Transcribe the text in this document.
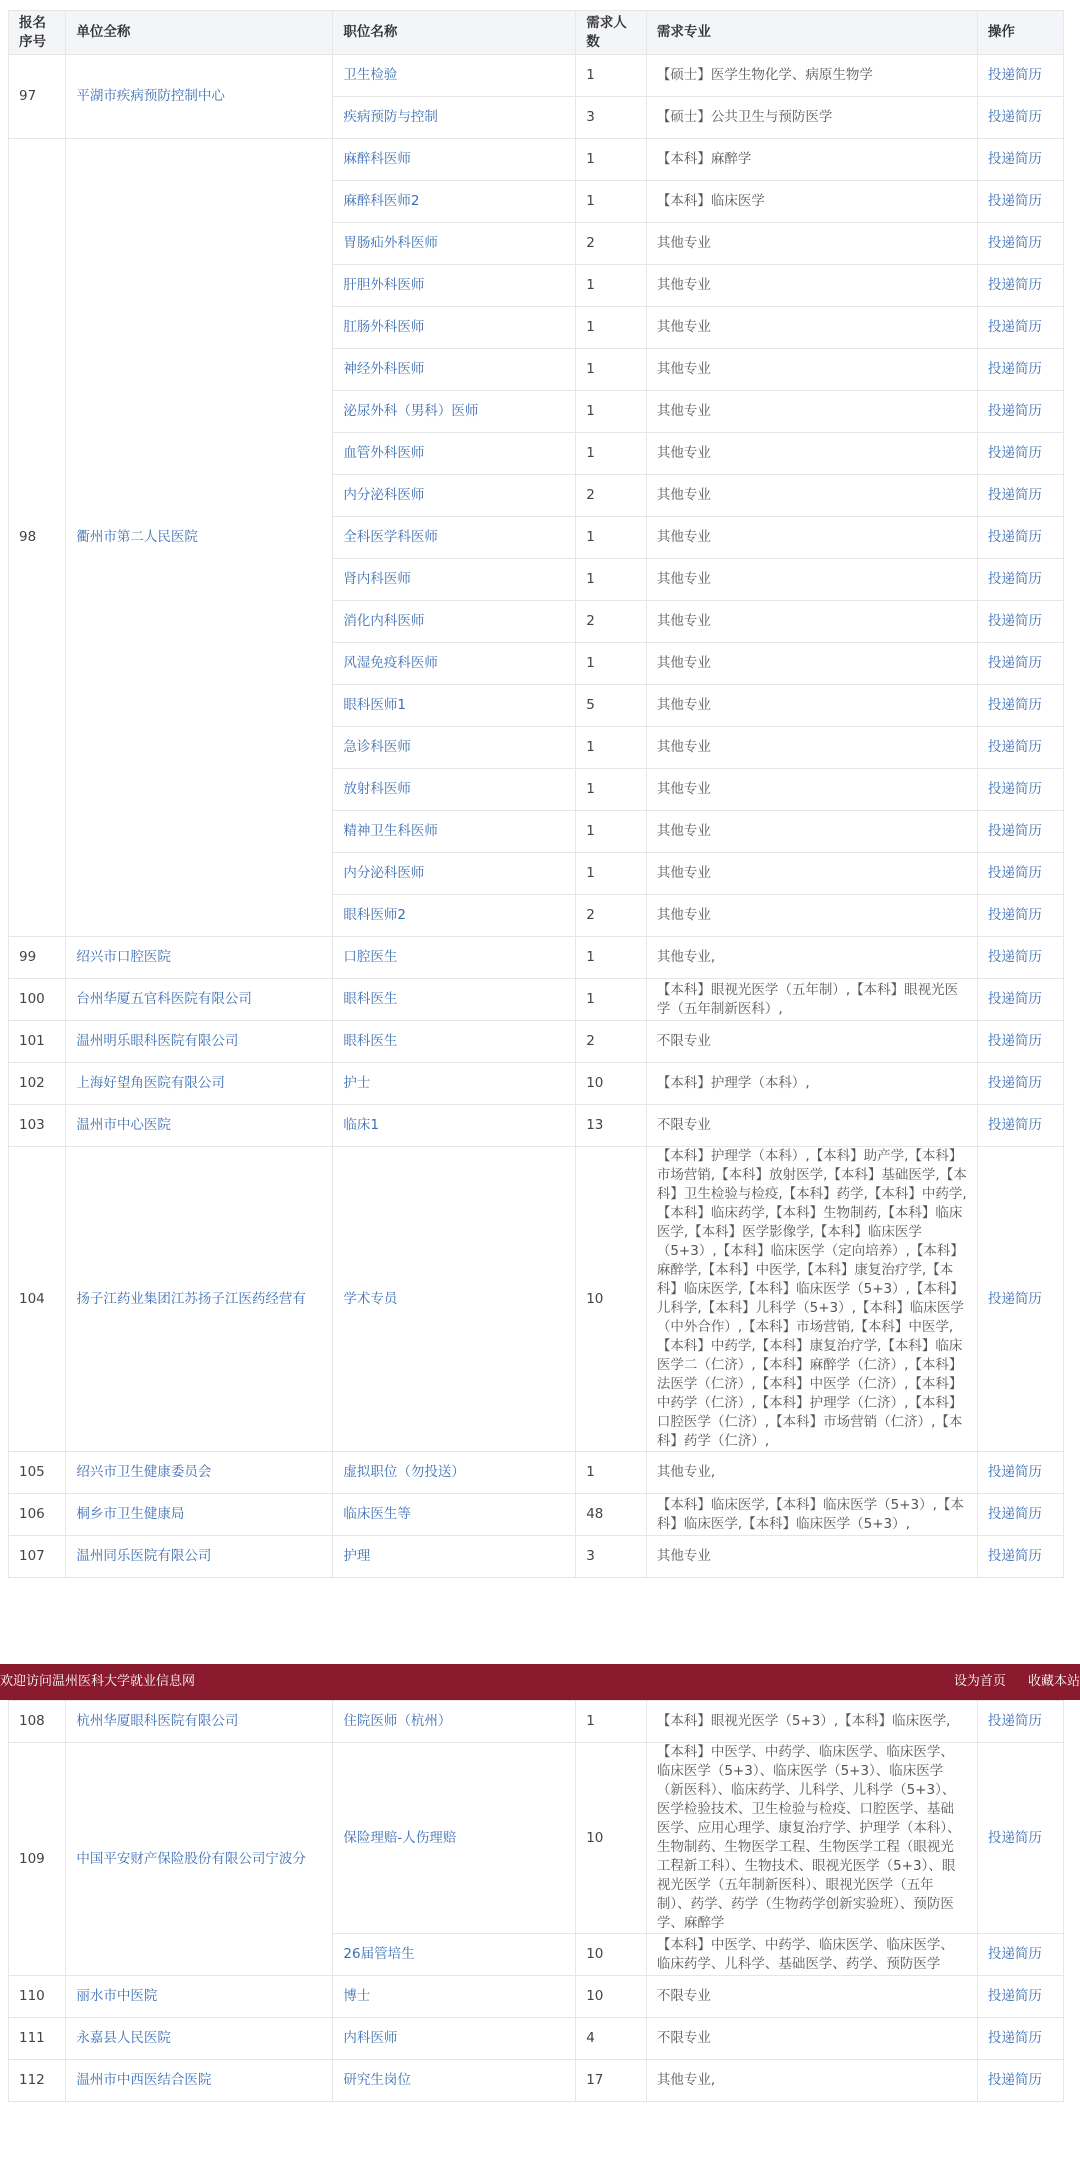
报名序号	单位全称	职位名称	需求人数	需求专业	操作
97	平湖市疾病预防控制中心	卫生检验	1	【硕士】医学生物化学、病原生物学	投递简历
		疾病预防与控制	3	【硕士】公共卫生与预防医学	投递简历
98	衢州市第二人民医院	麻醉科医师	1	【本科】麻醉学	投递简历
		麻醉科医师2	1	【本科】临床医学	投递简历
		胃肠疝外科医师	2	其他专业	投递简历
		肝胆外科医师	1	其他专业	投递简历
		肛肠外科医师	1	其他专业	投递简历
		神经外科医师	1	其他专业	投递简历
		泌尿外科（男科）医师	1	其他专业	投递简历
		血管外科医师	1	其他专业	投递简历
		内分泌科医师	2	其他专业	投递简历
		全科医学科医师	1	其他专业	投递简历
		肾内科医师	1	其他专业	投递简历
		消化内科医师	2	其他专业	投递简历
		风湿免疫科医师	1	其他专业	投递简历
		眼科医师1	5	其他专业	投递简历
		急诊科医师	1	其他专业	投递简历
		放射科医师	1	其他专业	投递简历
		精神卫生科医师	1	其他专业	投递简历
		内分泌科医师	1	其他专业	投递简历
		眼科医师2	2	其他专业	投递简历
99	绍兴市口腔医院	口腔医生	1	其他专业,	投递简历
100	台州华厦五官科医院有限公司	眼科医生	1	【本科】眼视光医学（五年制）,【本科】眼视光医学（五年制新医科）,	投递简历
101	温州明乐眼科医院有限公司	眼科医生	2	不限专业	投递简历
102	上海好望角医院有限公司	护士	10	【本科】护理学（本科）,	投递简历
103	温州市中心医院	临床1	13	不限专业	投递简历
104	扬子江药业集团江苏扬子江医药经营有	学术专员	10	【本科】护理学（本科）,【本科】助产学,【本科】市场营销,【本科】放射医学,【本科】基础医学,【本科】卫生检验与检疫,【本科】药学,【本科】中药学,【本科】临床药学,【本科】生物制药,【本科】临床医学,【本科】医学影像学,【本科】临床医学（5+3）,【本科】临床医学（定向培养）,【本科】麻醉学,【本科】中医学,【本科】康复治疗学,【本科】临床医学,【本科】临床医学（5+3）,【本科】儿科学,【本科】儿科学（5+3）,【本科】临床医学（中外合作）,【本科】市场营销,【本科】中医学,【本科】中药学,【本科】康复治疗学,【本科】临床医学二（仁济）,【本科】麻醉学（仁济）,【本科】法医学（仁济）,【本科】中医学（仁济）,【本科】中药学（仁济）,【本科】护理学（仁济）,【本科】口腔医学（仁济）,【本科】市场营销（仁济）,【本科】药学（仁济）,	投递简历
105	绍兴市卫生健康委员会	虚拟职位（勿投送）	1	其他专业,	投递简历
106	桐乡市卫生健康局	临床医生等	48	【本科】临床医学,【本科】临床医学（5+3）,【本科】临床医学,【本科】临床医学（5+3）,	投递简历
107	温州同乐医院有限公司	护理	3	其他专业	投递简历
108	杭州华厦眼科医院有限公司	住院医师（杭州）	1	【本科】眼视光医学（5+3）,【本科】临床医学,	投递简历
109	中国平安财产保险股份有限公司宁波分	保险理赔-人伤理赔	10	【本科】中医学、中药学、临床医学、临床医学、临床医学（5+3）、临床医学（5+3）、临床医学（新医科）、临床药学、儿科学、儿科学（5+3）、医学检验技术、卫生检验与检疫、口腔医学、基础医学、应用心理学、康复治疗学、护理学（本科）、生物制药、生物医学工程、生物医学工程（眼视光工程新工科）、生物技术、眼视光医学（5+3）、眼视光医学（五年制新医科）、眼视光医学（五年制）、药学、药学（生物药学创新实验班）、预防医学、麻醉学	投递简历
		26届管培生	10	【本科】中医学、中药学、临床医学、临床医学、临床药学、儿科学、基础医学、药学、预防医学	投递简历
110	丽水市中医院	博士	10	不限专业	投递简历
111	永嘉县人民医院	内科医师	4	不限专业	投递简历
112	温州市中西医结合医院	研究生岗位	17	其他专业,	投递简历
欢迎访问温州医科大学就业信息网	设为首页 收藏本站
